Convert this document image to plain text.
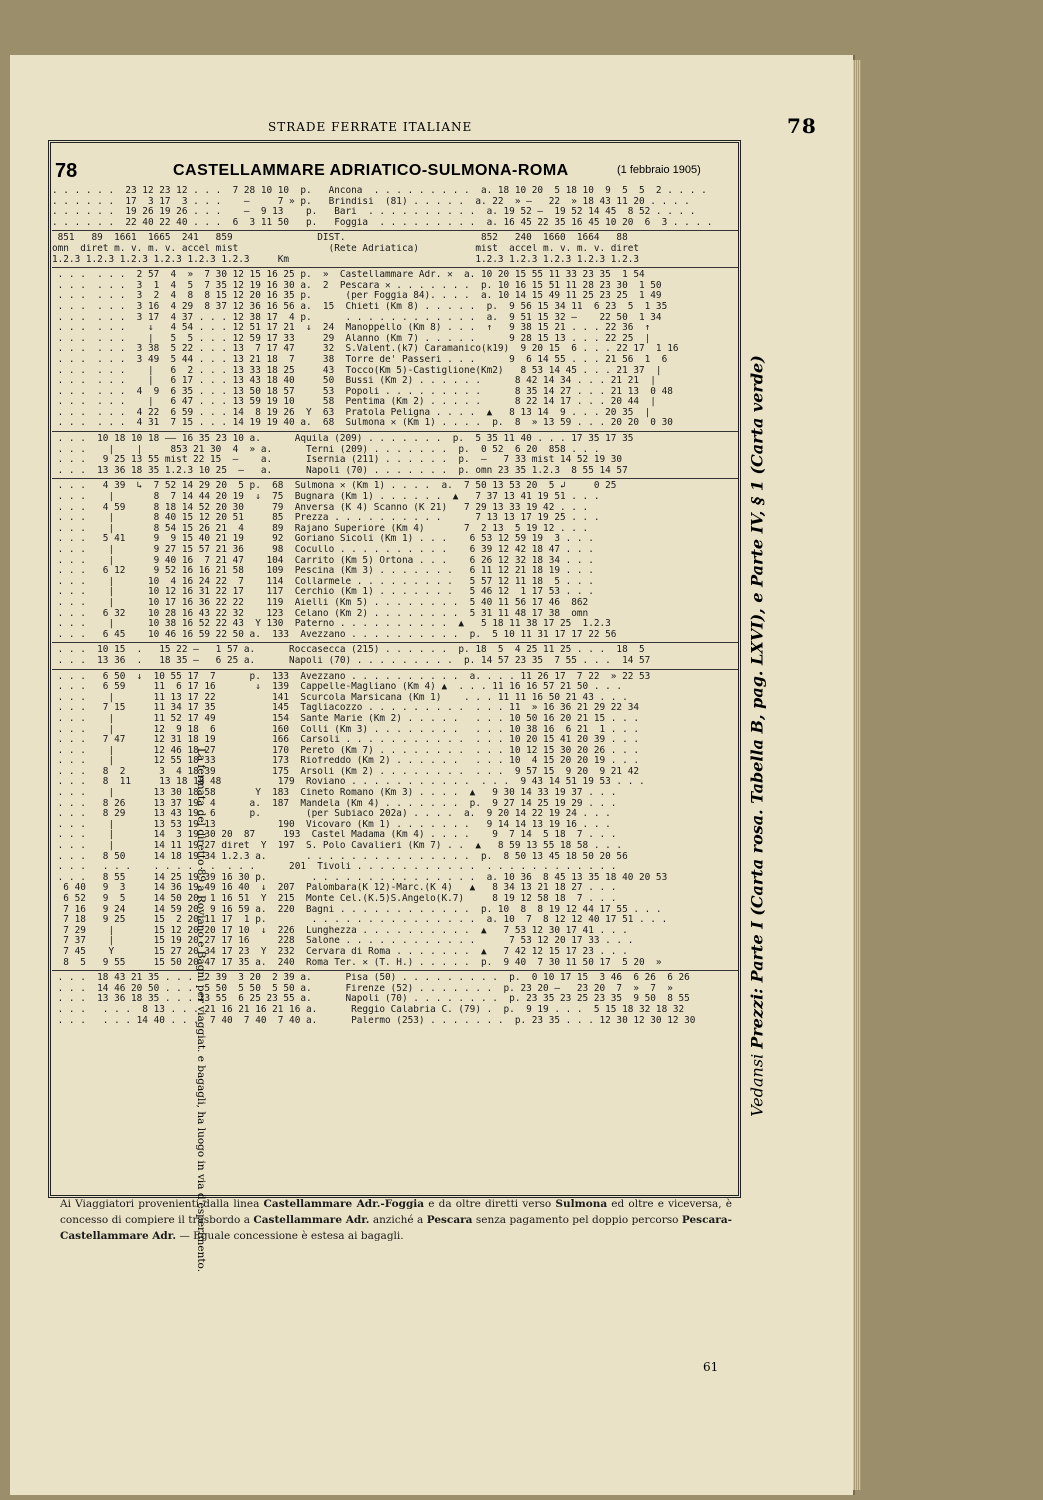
STRADE FERRATE ITALIANE	78
78	CASTELLAMMARE ADRIATICO-SULMONA-ROMA	(1 febbraio 1905)
. . . . . .  23 12 23 12 . . .  7 28 10 10  p.   Ancona  . . . . . . . . .  a. 18 10 20  5 18 10  9  5  5  2 . . . .
. . . . . .  17  3 17  3 . . .    —     7 » p.   Brindisi  (81) . . . . .  a. 22  » —   22  » 18 43 11 20 . . . .
. . . . . .  19 26 19 26 . . .    —  9 13    p.   Bari  . . . . . . . . . .  a. 19 52 —  19 52 14 45  8 52 . . . .
. . . . . .  22 40 22 40 . . .  6  3 11 50   p.   Foggia  . . . . . . . . .  a. 16 45 22 35 16 45 10 20  6  3 . . . .
851   89  1661  1665  241   859               DIST.                        852   240  1660  1664   88
omn  diret m. v. m. v. accel mist                (Rete Adriatica)          mist  accel m. v. m. v. diret
1.2.3 1.2.3 1.2.3 1.2.3 1.2.3 1.2.3     Km                                 1.2.3 1.2.3 1.2.3 1.2.3 1.2.3
. . .  . . .  2 57  4  »  7 30 12 15 16 25 p.  »  Castellammare Adr. ✕  a. 10 20 15 55 11 33 23 35  1 54
. . .  . . .  3  1  4  5  7 35 12 19 16 30 a.  2  Pescara ✕ . . . . . . .  p. 10 16 15 51 11 28 23 30  1 50
. . .  . . .  3  2  4  8  8 15 12 20 16 35 p.      (per Foggia 84). . . .  a. 10 14 15 49 11 25 23 25  1 49
. . .  . . .  3 16  4 29  8 37 12 36 16 56 a.  15  Chieti (Km 8) . . . . .  p.  9 56 15 34 11  6 23  5  1 35
. . .  . . .  3 17  4 37 . . . 12 38 17  4 p.      . . . . . . . . . . . .  a.  9 51 15 32 —    22 50  1 34
. . .  . . .    ↓   4 54 . . . 12 51 17 21  ↓  24  Manoppello (Km 8) . . .  ↑   9 38 15 21 . . . 22 36  ↑
. . .  . . .    |   5  5 . . . 12 59 17 33     29  Alanno (Km 7) . . . . .      9 28 15 13 . . . 22 25  |
. . .  . . .  3 38  5 22 . . . 13  7 17 47     32  S.Valent.(k7) Caramanico(k19)  9 20 15  6 . . . 22 17  1 16
. . .  . . .  3 49  5 44 . . . 13 21 18  7     38  Torre de' Passeri . . .      9  6 14 55 . . . 21 56  1  6
. . .  . . .    |   6  2 . . . 13 33 18 25     43  Tocco(Km 5)-Castiglione(Km2)   8 53 14 45 . . . 21 37  |
. . .  . . .    |   6 17 . . . 13 43 18 40     50  Bussi (Km 2) . . . . . .      8 42 14 34 . . . 21 21  |
. . .  . . .  4  9  6 35 . . . 13 50 18 57     53  Popoli . . . . . . . . .      8 35 14 27 . . . 21 13  0 48
. . .  . . .    |   6 47 . . . 13 59 19 10     58  Pentima (Km 2) . . . . .      8 22 14 17 . . . 20 44  |
. . .  . . .  4 22  6 59 . . . 14  8 19 26  Y  63  Pratola Peligna . . . .  ▲   8 13 14  9 . . . 20 35  |
. . .  . . .  4 31  7 15 . . . 14 19 19 40 a.  68  Sulmona ✕ (Km 1) . . . .  p.  8  » 13 59 . . . 20 20  0 30
. . .  10 18 10 18 —— 16 35 23 10 a.      Aquila (209) . . . . . . .  p.  5 35 11 40 . . . 17 35 17 35
. . .    |    |     853 21 30  4  » a.      Terni (209) . . . . . . .  p.  0 52  6 20  858 . . .
. . .   9 25 13 55 mist 22 15  —    a.      Isernia (211) . . . . . .  p.  —   7 33 mist 14 52 19 30
. . .  13 36 18 35 1.2.3 10 25  —   a.      Napoli (70) . . . . . . .  p. omn 23 35 1.2.3  8 55 14 57
. . .   4 39  ↳  7 52 14 29 20  5 p.  68  Sulmona ✕ (Km 1) . . . .  a.  7 50 13 53 20  5 ↲     0 25
. . .    |       8  7 14 44 20 19  ↓  75  Bugnara (Km 1) . . . . . .  ▲   7 37 13 41 19 51 . . .
. . .   4 59     8 18 14 52 20 30     79  Anversa (K 4) Scanno (K 21)   7 29 13 33 19 42 . . .
. . .    |       8 40 15 12 20 51     85  Prezza . . . . . . . . . .      7 13 13 17 19 25 . . .
. . .    |       8 54 15 26 21  4     89  Rajano Superiore (Km 4)       7  2 13  5 19 12 . . .
. . .   5 41     9  9 15 40 21 19     92  Goriano Sicoli (Km 1) . . .    6 53 12 59 19  3 . . .
. . .    |       9 27 15 57 21 36     98  Cocullo . . . . . . . . . .    6 39 12 42 18 47 . . .
. . .    |       9 40 16  7 21 47    104  Carrito (Km 5) Ortona . . .    6 26 12 32 18 34 . . .
. . .   6 12     9 52 16 16 21 58    109  Pescina (Km 3) . . . . . . .   6 11 12 21 18 19 . . .
. . .    |      10  4 16 24 22  7    114  Collarmele . . . . . . . . .   5 57 12 11 18  5 . . .
. . .    |      10 12 16 31 22 17    117  Cerchio (Km 1) . . . . . . .   5 46 12  1 17 53 . . .
. . .    |      10 17 16 36 22 22    119  Aielli (Km 5) . . . . . . . .  5 40 11 56 17 46  862
. . .   6 32    10 28 16 43 22 32    123  Celano (Km 2) . . . . . . . .  5 31 11 48 17 38  omn
. . .    |      10 38 16 52 22 43  Y 130  Paterno . . . . . . . . . .  ▲   5 18 11 38 17 25  1.2.3
. . .   6 45    10 46 16 59 22 50 a.  133  Avezzano . . . . . . . . . .  p.  5 10 11 31 17 17 22 56
. . .  10 15  .   15 22 —   1 57 a.      Roccasecca (215) . . . . . .  p. 18  5  4 25 11 25 . . .  18  5
. . .  13 36  .   18 35 —   6 25 a.      Napoli (70) . . . . . . . . .  p. 14 57 23 35  7 55 . . .  14 57
. . .   6 50  ↓  10 55 17  7      p.  133  Avezzano . . . . . . . . . .  a. . . . 11 26 17  7 22  » 22 53
. . .   6 59     11  6 17 16       ↓  139  Cappelle-Magliano (Km 4) ▲  . . . 11 16 16 57 21 50 . . .
. . .    |       11 13 17 22          141  Scurcola Marsicana (Km 1)    . . . 11 11 16 50 21 43 . . .
. . .   7 15     11 34 17 35          145  Tagliacozzo . . . . . . . . .  . . . 11  » 16 36 21 29 22 34
. . .    |       11 52 17 49          154  Sante Marie (Km 2) . . . . .   . . . 10 50 16 20 21 15 . . .
. . .    |       12  9 18  6          160  Colli (Km 3) . . . . . . . .   . . . 10 38 16  6 21  1 . . .
. . .   7 47     12 31 18 19          166  Carsoli . . . . . . . . . . .  . . . 10 20 15 41 20 39 . . .
. . .    |       12 46 18 27          170  Pereto (Km 7) . . . . . . . .  . . . 10 12 15 30 20 26 . . .
. . .    |       12 55 18 33          173  Riofreddo (Km 2) . . . . . .   . . . 10  4 15 20 20 19 . . .
. . .   8  2      3  4 18 39          175  Arsoli (Km 2) . . . . . . . .  . . .  9 57 15  9 20  9 21 42
. . .   8  11     13 18 18 48          179  Roviano . . . . . . . . . . .  . . .  9 43 14 51 19 53 . . .
. . .    |       13 30 18 58       Y  183  Cineto Romano (Km 3) . . . .  ▲   9 30 14 33 19 37 . . .
. . .   8 26     13 37 19  4      a.  187  Mandela (Km 4) . . . . . . .  p.  9 27 14 25 19 29 . . .
. . .   8 29     13 43 19  6      p.        (per Subiaco 202a) . . . .  a.  9 20 14 22 19 24 . . .
. . .    |       13 53 19 13           190  Vicovaro (Km 1) . . . . . . .   9 14 14 13 19 16 . . .
. . .    |       14  3 19 30 20  87     193  Castel Madama (Km 4) . . . .    9  7 14  5 18  7 . . .
. . .    |       14 11 19 27 diret  Y  197  S. Polo Cavalieri (Km 7) . .  ▲   8 59 13 55 18 58 . . .
. . .   8 50     14 18 19 34 1.2.3 a.       . . . . . . . . . . . . . . .  p.  8 50 13 45 18 50 20 56
. . .   . . .    . . . . . .  . . .      201  Tivoli . . . . . . . . . . .  . . . . . . . . . . . .
. . .   8 55     14 25 19 39 16 30 p.        . . . . . . . . . . . . . . .  a. 10 36  8 45 13 35 18 40 20 53
6 40   9  3     14 36 19 49 16 40  ↓  207  Palombara(K 12)-Marc.(K 4)   ▲   8 34 13 21 18 27 . . .
6 52   9  5     14 50 20  1 16 51  Y  215  Monte Cel.(K.5)S.Angelo(K.7)     8 19 12 58 18  7 . . .
7 16   9 24     14 59 20  9 16 59 a.  220  Bagni . . . . . . . . . . . .  p. 10  8  8 19 12 44 17 55 . . .
7 18   9 25     15  2 20 11 17  1 p.        . . . . . . . . . . . . . . .  a. 10  7  8 12 12 40 17 51 . . .
7 29    |       15 12 20 20 17 10  ↓  226  Lunghezza . . . . . . . . . .  ▲   7 53 12 30 17 41 . . .
7 37    |       15 19 20 27 17 16     228  Salone . . . . . . . . . . . .      7 53 12 20 17 33 . . .
7 45    Y       15 27 20 34 17 23  Y  232  Cervara di Roma . . . . . . .  ▲   7 42 12 15 17 23 . . .
8  5   9 55     15 50 20 47 17 35 a.  240  Roma Ter. ✕ (T. H.) . . . . .  p.  9 40  7 30 11 50 17  5 20  »
. . .  18 43 21 35 . . .  2 39  3 20  2 39 a.      Pisa (50) . . . . . . . . .  p.  0 10 17 15  3 46  6 26  6 26
. . .  14 46 20 50 . . .  5 50  5 50  5 50 a.      Firenze (52) . . . . . . .  p. 23 20 —   23 20  7  »  7  »
. . .  13 36 18 35 . . . 23 55  6 25 23 55 a.      Napoli (70) . . . . . . . .  p. 23 35 23 25 23 35  9 50  8 55
. . .   . . .  8 13 . . . 21 16 21 16 21 16 a.      Reggio Calabria C. (79) .  p.  9 19 . . .  5 15 18 32 18 32
. . .   . . . 14 40 . . .  7 40  7 40  7 40 a.      Palermo (253) . . . . . . .  p. 23 35 . . . 12 30 12 30 12 30
Ai Viaggiatori provenienti dalla linea Castellammare Adr.-Foggia e da oltre diretti verso Sulmona ed oltre e viceversa, è concesso di compiere il trasbordo a Castellammare Adr. anziché a Pescara senza pagamento pel doppio percorso Pescara-Castellammare Adr. — Eguale concessione è estesa ai bagagli.
Vedansi Prezzi: Parte I (Carta rosa. Tabella B, pag. LXVI), e Parte IV, § 1 (Carta verde)
La fermata del diretto 89 a Roviano e Bagni per viaggiat. e bagagli, ha luogo in via d'esperimento.
61
